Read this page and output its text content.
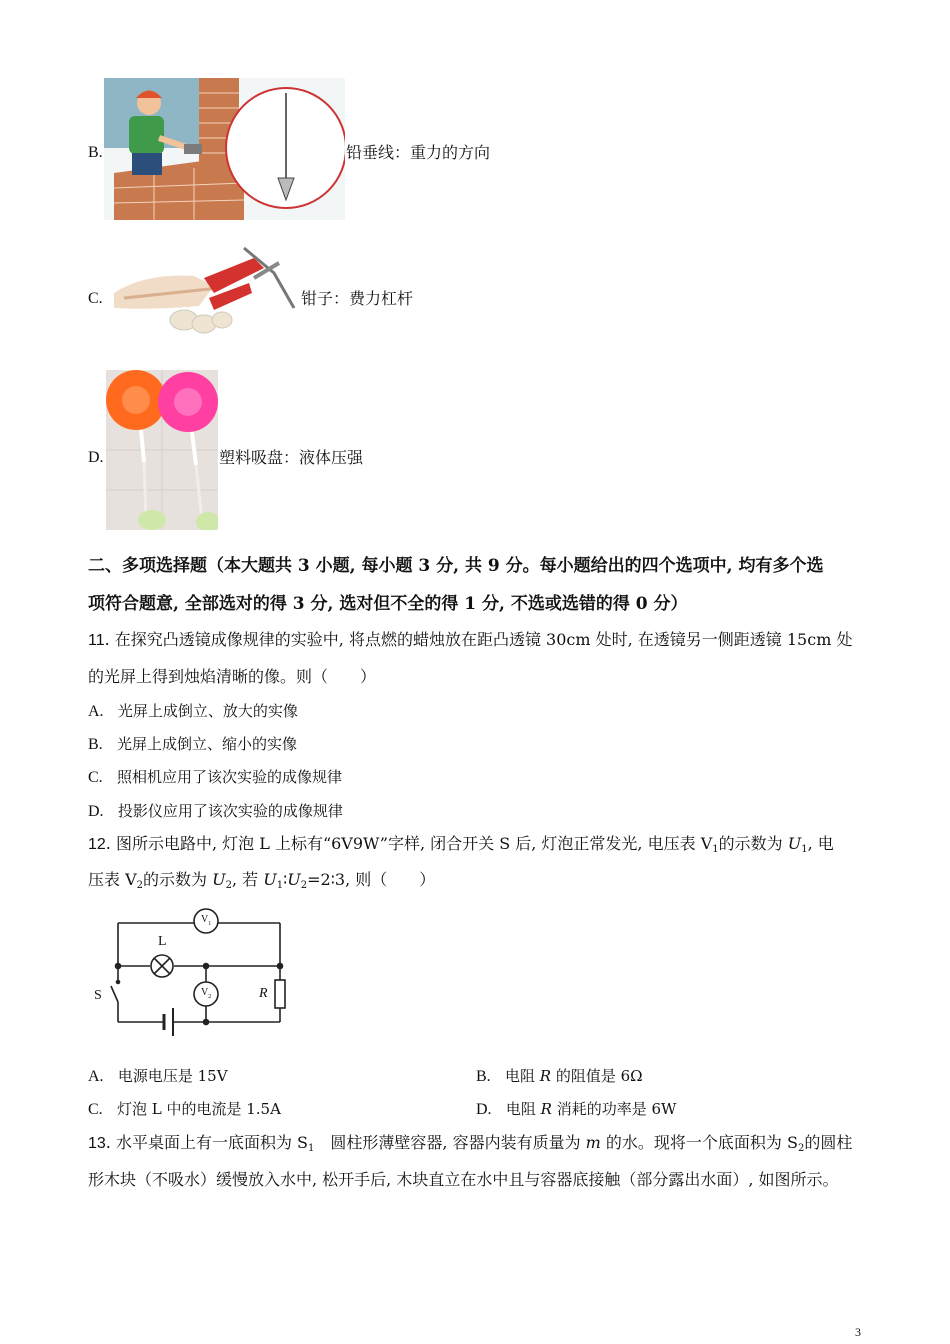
B.	铅垂线：重力的方向
C.	钳子：费力杠杆
D.	塑料吸盘：液体压强
二、多项选择题（本大题共 3 小题, 每小题 3 分, 共 9 分。每小题给出的四个选项中, 均有多个选
项符合题意, 全部选对的得 3 分, 选对但不全的得 1 分, 不选或选错的得 0 分）
11. 在探究凸透镜成像规律的实验中, 将点燃的蜡烛放在距凸透镜 30cm 处时, 在透镜另一侧距透镜 15cm 处
的光屏上得到烛焰清晰的像。则（　　）
A. 光屏上成倒立、放大的实像
B. 光屏上成倒立、缩小的实像
C. 照相机应用了该次实验的成像规律
D. 投影仪应用了该次实验的成像规律
12. 图所示电路中, 灯泡 L 上标有“6V9W”字样, 闭合开关 S 后, 灯泡正常发光, 电压表 $V_1$的示数为 $U_1$, 电
压表 $V_2$的示数为 $U_2$, 若 $U_1∶U_2=2∶3$, 则（　　）
$V_1$
$V_2$
L
S	R
A. 电源电压是 15V	B. 电阻 R 的阻值是 6Ω
C. 灯泡 L 中的电流是 1.5A	D. 电阻 R 消耗的功率是 6W
13. 水平桌面上有一底面积为 $S_1$　圆柱形薄壁容器, 容器内装有质量为 m 的水。现将一个底面积为 $S_2$的圆柱
形木块（不吸水）缓慢放入水中, 松开手后, 木块直立在水中且与容器底接触（部分露出水面）, 如图所示。
3
